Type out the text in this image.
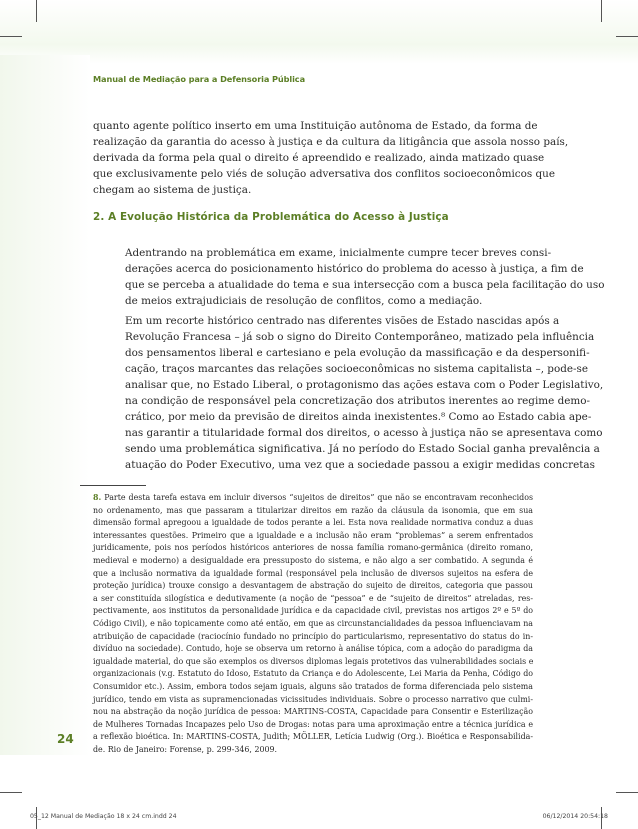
Manual de Mediação para a Defensoria Pública
quanto agente político inserto em uma Instituição autônoma de Estado, da forma de
realização da garantia do acesso à justiça e da cultura da litigância que assola nosso país,
derivada da forma pela qual o direito é apreendido e realizado, ainda matizado quase
que exclusivamente pelo viés de solução adversativa dos conflitos socioeconômicos que
chegam ao sistema de justiça.
2. A Evolução Histórica da Problemática do Acesso à Justiça
Adentrando na problemática em exame, inicialmente cumpre tecer breves consi-
derações acerca do posicionamento histórico do problema do acesso à justiça, a fim de
que se perceba a atualidade do tema e sua intersecção com a busca pela facilitação do uso
de meios extrajudiciais de resolução de conflitos, como a mediação.
Em um recorte histórico centrado nas diferentes visões de Estado nascidas após a
Revolução Francesa – já sob o signo do Direito Contemporâneo, matizado pela influência
dos pensamentos liberal e cartesiano e pela evolução da massificação e da despersonifi-
cação, traços marcantes das relações socioeconômicas no sistema capitalista –, pode-se
analisar que, no Estado Liberal, o protagonismo das ações estava com o Poder Legislativo,
na condição de responsável pela concretização dos atributos inerentes ao regime demo-
crático, por meio da previsão de direitos ainda inexistentes.⁸ Como ao Estado cabia ape-
nas garantir a titularidade formal dos direitos, o acesso à justiça não se apresentava como
sendo uma problemática significativa. Já no período do Estado Social ganha prevalência a
atuação do Poder Executivo, uma vez que a sociedade passou a exigir medidas concretas
8. Parte desta tarefa estava em incluir diversos “sujeitos de direitos” que não se encontravam reconhecidos
no ordenamento, mas que passaram a titularizar direitos em razão da cláusula da isonomia, que em sua
dimensão formal apregoou a igualdade de todos perante a lei. Esta nova realidade normativa conduz a duas
interessantes questões. Primeiro que a igualdade e a inclusão não eram “problemas” a serem enfrentados
juridicamente, pois nos períodos históricos anteriores de nossa família romano-germânica (direito romano,
medieval e moderno) a desigualdade era pressuposto do sistema, e não algo a ser combatido. A segunda é
que a inclusão normativa da igualdade formal (responsável pela inclusão de diversos sujeitos na esfera de
proteção jurídica) trouxe consigo a desvantagem de abstração do sujeito de direitos, categoria que passou
a ser constituída silogística e dedutivamente (a noção de “pessoa” e de “sujeito de direitos” atreladas, res-
pectivamente, aos institutos da personalidade jurídica e da capacidade civil, previstas nos artigos 2º e 5º do
Código Civil), e não topicamente como até então, em que as circunstancialidades da pessoa influenciavam na
atribuição de capacidade (raciocínio fundado no princípio do particularismo, representativo do status do in-
divíduo na sociedade). Contudo, hoje se observa um retorno à análise tópica, com a adoção do paradigma da
igualdade material, do que são exemplos os diversos diplomas legais protetivos das vulnerabilidades sociais e
organizacionais (v.g. Estatuto do Idoso, Estatuto da Criança e do Adolescente, Lei Maria da Penha, Código do
Consumidor etc.). Assim, embora todos sejam iguais, alguns são tratados de forma diferenciada pelo sistema
jurídico, tendo em vista as supramencionadas vicissitudes individuais. Sobre o processo narrativo que culmi-
nou na abstração da noção jurídica de pessoa: MARTINS-COSTA, Capacidade para Consentir e Esterilização
de Mulheres Tornadas Incapazes pelo Uso de Drogas: notas para uma aproximação entre a técnica jurídica e
a reflexão bioética. In: MARTINS-COSTA, Judith; MÖLLER, Letícia Ludwig (Org.). Bioética e Responsabilida-
de. Rio de Janeiro: Forense, p. 299-346, 2009.
24
05_12 Manual de Mediação 18 x 24 cm.indd 24	06/12/2014 20:54:18
